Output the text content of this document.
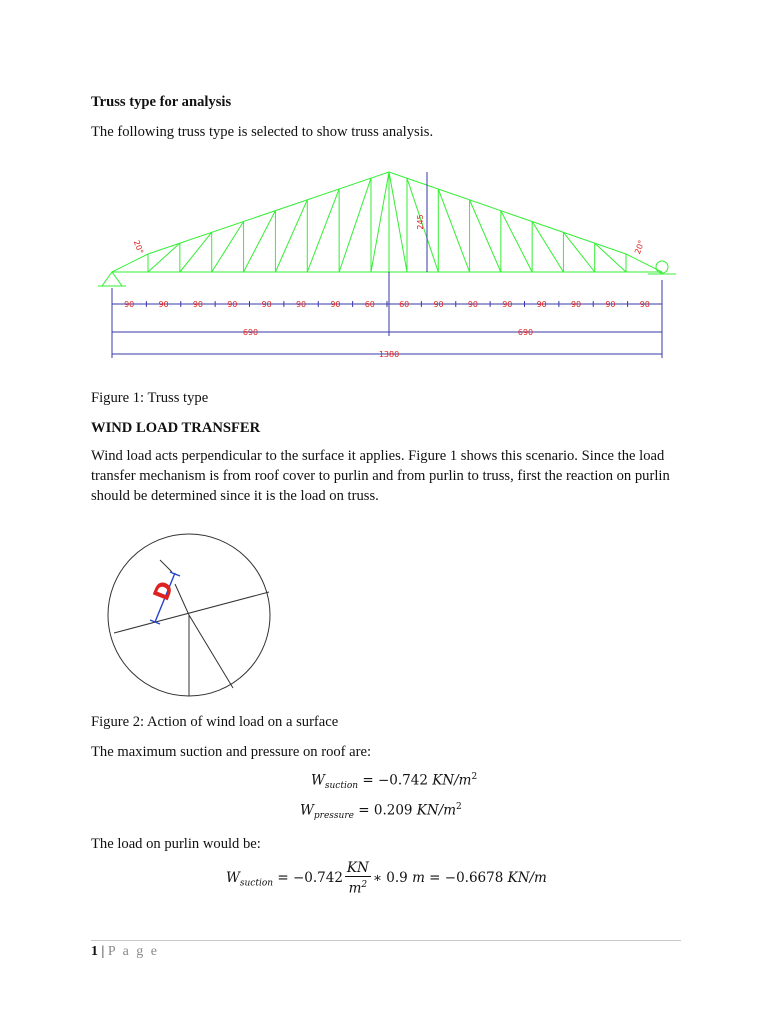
Truss type for analysis
The following truss type is selected to show truss analysis.
245
20°	20°
90	90	90	90	90	90	90	60	60	90	90	90	90	90	90	90
690	690
1380
Figure 1: Truss type
WIND LOAD TRANSFER
Wind load acts perpendicular to the surface it applies. Figure 1 shows this scenario. Since the load transfer mechanism is from roof cover to purlin and from purlin to truss, first the reaction on purlin should be determined since it is the load on truss.
D
Figure 2: Action of wind load on a surface
The maximum suction and pressure on roof are:
$W_{suction} = -0.742$ $KN/m^2$
$W_{pressure} = 0.209$ $KN/m^2$
The load on purlin would be:
$W_{suction} = -0.742 \frac{KN}{m^2}$ ∗ 0.9 m = −0.6678 KN/m
1 | P a g e
